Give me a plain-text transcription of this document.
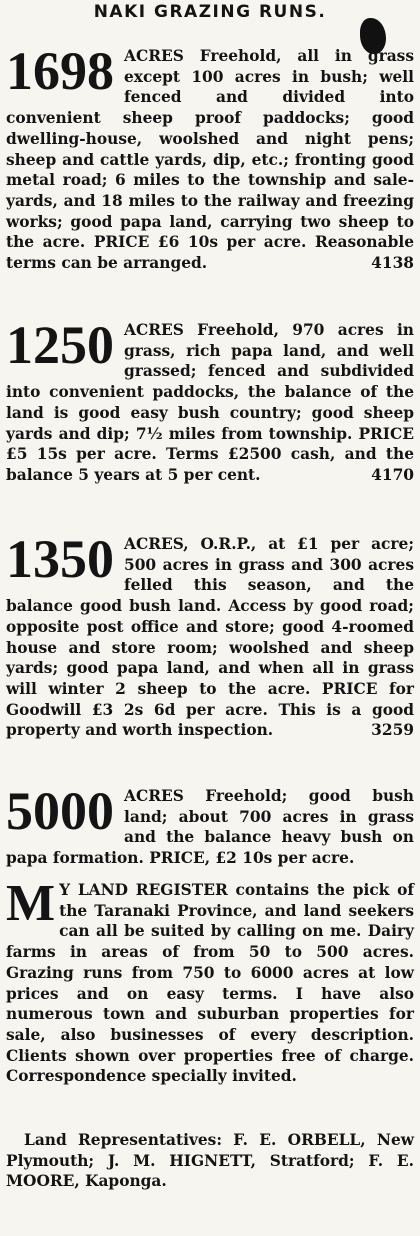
NAKI GRAZING RUNS.
1698 ACRES Freehold, all in grass except 100 acres in bush; well fenced and divided into convenient sheep proof paddocks; good dwelling-house, woolshed and night pens; sheep and cattle yards, dip, etc.; fronting good metal road; 6 miles to the township and sale-yards, and 18 miles to the railway and freezing works; good papa land, carrying two sheep to the acre. PRICE £6 10s per acre. Reasonable terms can be arranged.	4138
1250 ACRES Freehold, 970 acres in grass, rich papa land, and well grassed; fenced and subdivided into convenient paddocks, the balance of the land is good easy bush country; good sheep yards and dip; 7½ miles from township. PRICE £5 15s per acre. Terms £2500 cash, and the balance 5 years at 5 per cent.	4170
1350 ACRES, O.R.P., at £1 per acre; 500 acres in grass and 300 acres felled this season, and the balance good bush land. Access by good road; opposite post office and store; good 4-roomed house and store room; woolshed and sheep yards; good papa land, and when all in grass will winter 2 sheep to the acre. PRICE for Goodwill £3 2s 6d per acre. This is a good property and worth inspection.	3259
5000 ACRES Freehold; good bush land; about 700 acres in grass and the balance heavy bush on papa formation. PRICE, £2 10s per acre.
M Y LAND REGISTER contains the pick of the Taranaki Province, and land seekers can all be suited by calling on me. Dairy farms in areas of from 50 to 500 acres. Grazing runs from 750 to 6000 acres at low prices and on easy terms. I have also numerous town and suburban properties for sale, also businesses of every description. Clients shown over properties free of charge. Correspondence specially invited.
Land Representatives: F. E. ORBELL, New Plymouth; J. M. HIGNETT, Stratford; F. E. MOORE, Kaponga.
